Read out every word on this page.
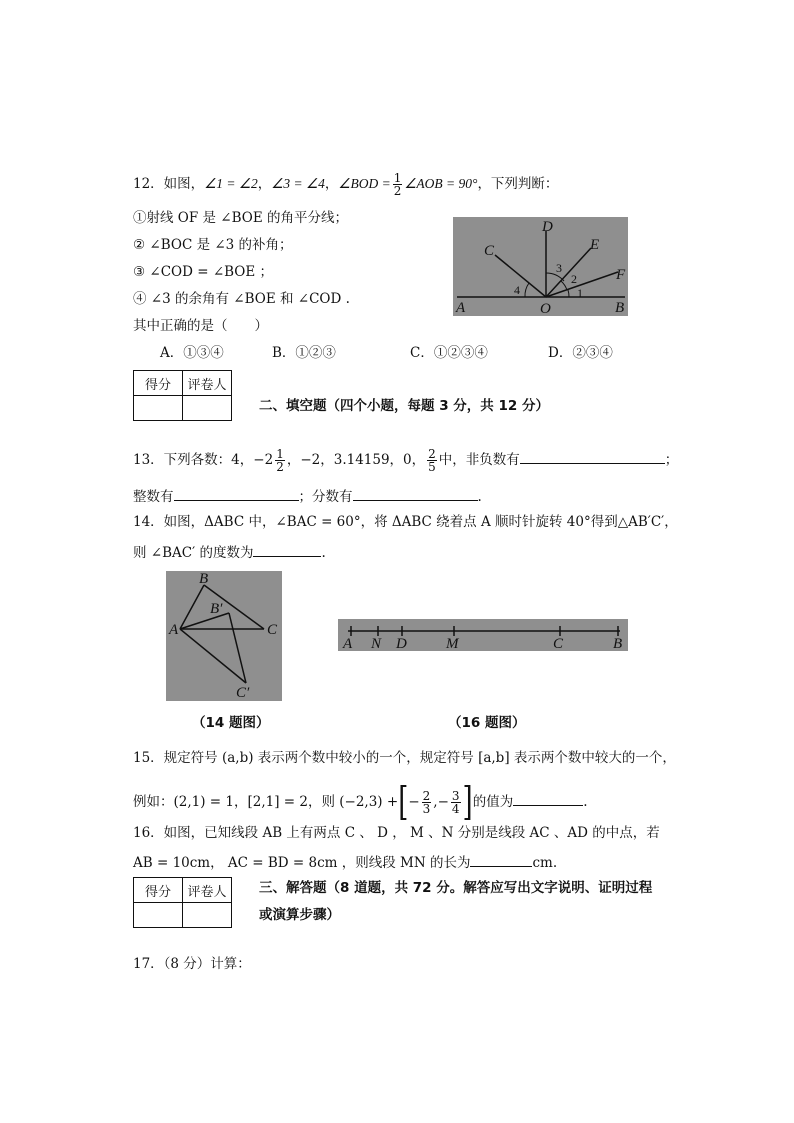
12．如图，∠1 = ∠2，∠3 = ∠4，∠BOD = $\frac{1}{2}$ ∠AOB = 90°，下列判断：
①射线 OF 是 ∠BOE 的角平分线；
② ∠BOC 是 ∠3 的补角；
③ ∠COD = ∠BOE ；
④ ∠3 的余角有 ∠BOE 和 ∠COD .
其中正确的是（　　）
A．①③④	B．①②③	C．①②③④	D．②③④
A	O	B
C
D
E
F
1
2
3
4
得分	评卷人

二、填空题（四个小题，每题 3 分，共 12 分）
13．下列各数：4，$-2 \frac{1}{2}$ ，−2，3.14159，0， $\frac{2}{5}$ 中，非负数有	；
整数有	；分数有	.
14．如图，ΔABC 中，∠BAC = 60°，将 ΔABC 绕着点 A 顺时针旋转 40°得到△AB′C′，
则 ∠BAC′ 的度数为	.
A
B
B′
C
C′
A N D	M	C	B
（14 题图）	（16 题图）
15．规定符号 (a,b) 表示两个数中较小的一个，规定符号 [a,b] 表示两个数中较大的一个，
例如：(2,1) = 1，[2,1] = 2，则 (−2,3) +[− $\frac{2}{3}$ ,− $\frac{3}{4}$ ]的值为	.
16．如图，已知线段 AB 上有两点 C 、 D ， M 、N 分别是线段 AC 、AD 的中点，若
AB = 10cm， AC = BD = 8cm ，则线段 MN 的长为	cm.
得分	评卷人
	三、解答题（8 道题，共 72 分。解答应写出文字说明、证明过程
或演算步骤）
17．（8 分）计算：
